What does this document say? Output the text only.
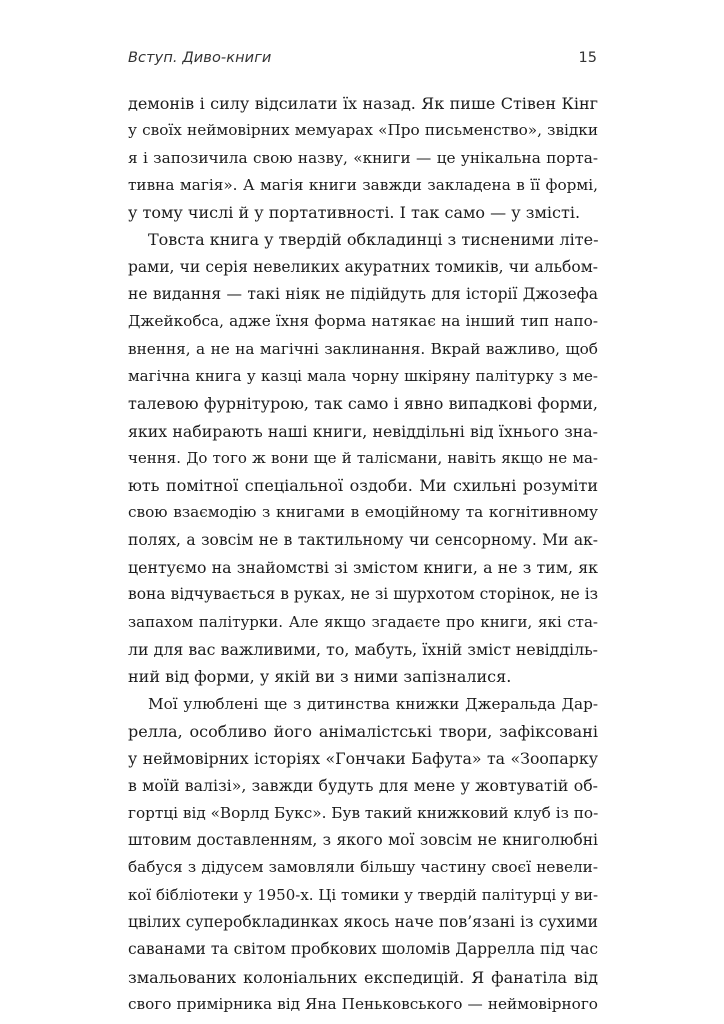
Вступ. Диво-книги	15
демонів і силу відсилати їх назад. Як пише Стівен Кінг
у своїх неймовірних мемуарах «Про письменство», звідки
я і запозичила свою назву, «книги — це унікальна порта-
тивна магія». А магія книги завжди закладена в її формі,
у тому числі й у портативності. І так само — у змісті.
Товста книга у твердій обкладинці з тисненими літе-
рами, чи серія невеликих акуратних томиків, чи альбом-
не видання — такі ніяк не підійдуть для історії Джозефа
Джейкобса, адже їхня форма натякає на інший тип напо-
внення, а не на магічні заклинання. Вкрай важливо, щоб
магічна книга у казці мала чорну шкіряну палітурку з ме-
талевою фурнітурою, так само і явно випадкові форми,
яких набирають наші книги, невіддільні від їхнього зна-
чення. До того ж вони ще й талісмани, навіть якщо не ма-
ють помітної спеціальної оздоби. Ми схильні розуміти
свою взаємодію з книгами в емоційному та когнітивному
полях, а зовсім не в тактильному чи сенсорному. Ми ак-
центуємо на знайомстві зі змістом книги, а не з тим, як
вона відчувається в руках, не зі шурхотом сторінок, не із
запахом палітурки. Але якщо згадаєте про книги, які ста-
ли для вас важливими, то, мабуть, їхній зміст невідділь-
ний від форми, у якій ви з ними запізналися.
Мої улюблені ще з дитинства книжки Джеральда Дар-
релла, особливо його анімалістські твори, зафіксовані
у неймовірних історіях «Гончаки Бафута» та «Зоопарку
в моїй валізі», завжди будуть для мене у жовтуватій об-
гортці від «Ворлд Букс». Був такий книжковий клуб із по-
штовим доставленням, з якого мої зовсім не книголюбні
бабуся з дідусем замовляли більшу частину своєї невели-
кої бібліотеки у 1950-х. Ці томики у твердій палітурці у ви-
цвілих суперобкладинках якось наче пов’язані із сухими
саванами та світом пробкових шоломів Даррелла під час
змальованих колоніальних експедицій. Я фанатіла від
свого примірника від Яна Пеньковського — неймовірного
